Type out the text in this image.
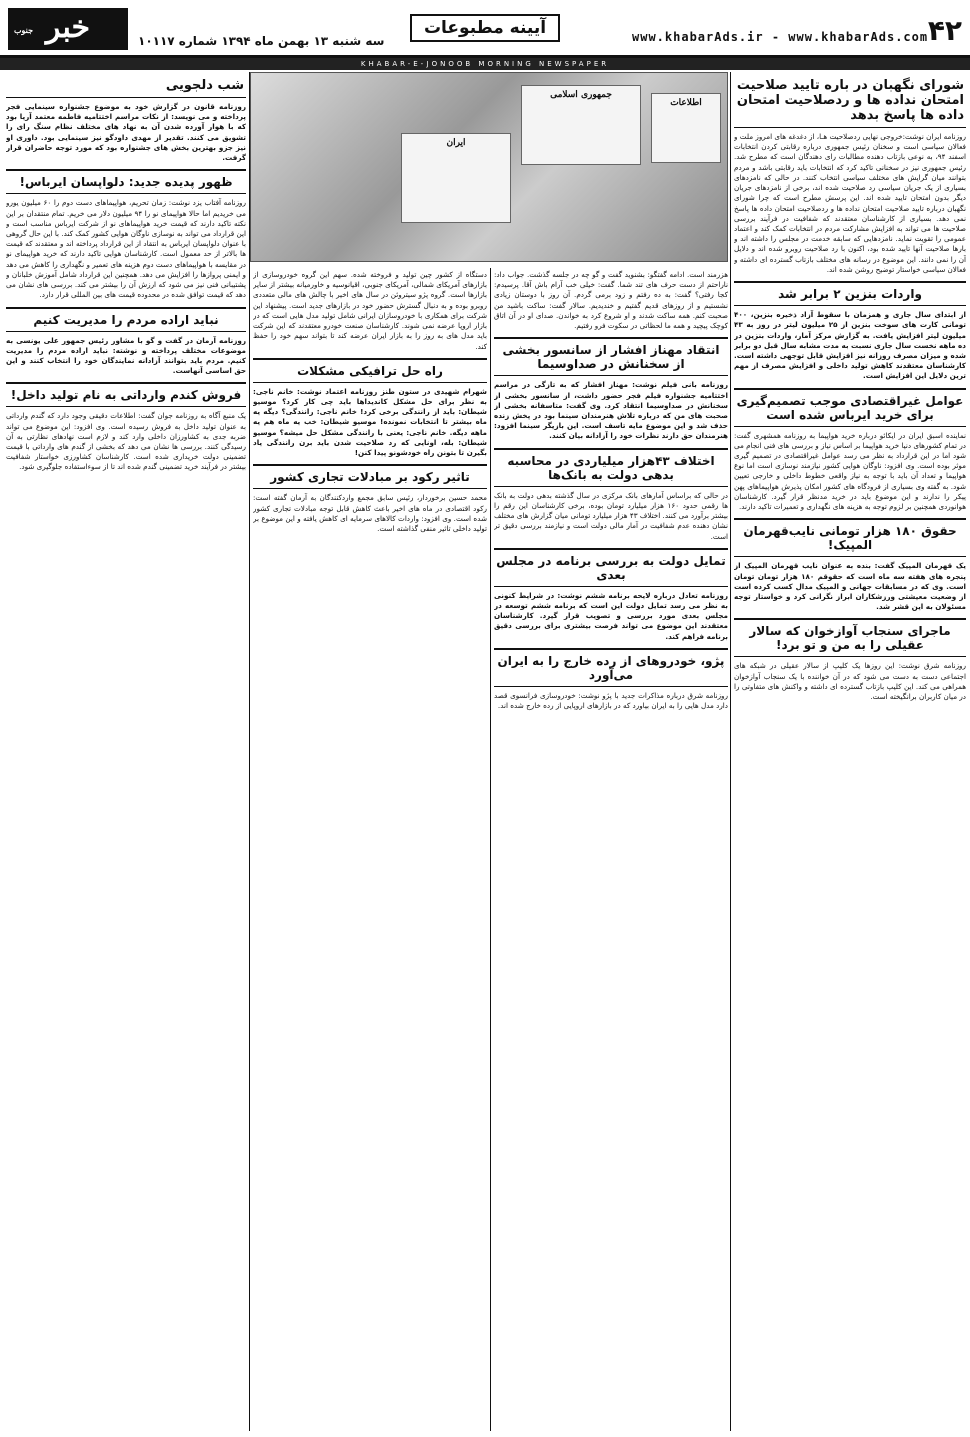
۴۲
www.khabarAds.ir - www.khabarAds.com
آیینه مطبوعات
سه شنبه ۱۳ بهمن ماه ۱۳۹۴ شماره ۱۰۱۱۷
جنوب خبر
KHABAR-E-JONOOB MORNING NEWSPAPER
جمهوری اسلامی
ایران
اطلاعات
شورای نگهبان در باره تایید صلاحیت امتحان نداده ها و ردصلاحیت امتحان داده ها پاسخ بدهد
روزنامه ایران نوشت:خروجی نهایی ردصلاحیت هـا، از دغدغه های امروز ملت و فعالان سیاسی است و سخنان رئیس جمهوری درباره رقابتی کردن انتخابات اسفند ۹۴، به نوعی بازتاب دهنده مطالبات رای دهندگان است که مطرح شد. رئیس جمهوری نیز در سخنانی تاکید کرد که انتخابات باید رقابتی باشد و مردم بتوانند میان گرایش های مختلف سیاسی انتخاب کنند. در حالی که نامزدهای بسیاری از یک جریان سیاسی رد صلاحیت شده اند، برخی از نامزدهای جریان دیگر بدون امتحان تایید شده اند. این پرسش مطرح است که چرا شورای نگهبان درباره تایید صلاحیت امتحان نداده ها و ردصلاحیت امتحان داده ها پاسخ نمی دهد. بسیاری از کارشناسان معتقدند که شفافیت در فرآیند بررسی صلاحیت ها می تواند به افزایش مشارکت مردم در انتخابات کمک کند و اعتماد عمومی را تقویت نماید. نامزدهایی که سابقه خدمت در مجلس را داشته اند و بارها صلاحیت آنها تایید شده بود، اکنون با رد صلاحیت روبرو شده اند و دلایل آن را نمی دانند. این موضوع در رسانه های مختلف بازتاب گسترده ای داشته و فعالان سیاسی خواستار توضیح روشن شده اند.
واردات بنزین ۲ برابر شد
از ابتدای سال جاری و همزمان با سقوط آزاد ذخیره بنزین، ۴۰۰ تومانی کارت های سوخت بنزین از ۲۵ میلیون لیتر در روز به ۴۳ میلیون لیتر افزایش یافت. به گزارش مرکز آمار، واردات بنزین در ده ماهه نخست سال جاری نسبت به مدت مشابه سال قبل دو برابر شده و میزان مصرف روزانه نیز افزایش قابل توجهی داشته است. کارشناسان معتقدند کاهش تولید داخلی و افزایش مصرف از مهم ترین دلایل این افزایش است.
عوامل غیراقتصادی موجب تصمیم‌گیری برای خرید ایرباس شده است
نماینده اسبق ایران در ایکائو درباره خرید هواپیما به روزنامه همشهری گفت: در تمام کشورهای دنیا خرید هواپیما بر اساس نیاز و بررسی های فنی انجام می شود اما در این قرارداد به نظر می رسد عوامل غیراقتصادی در تصمیم گیری موثر بوده است. وی افزود: ناوگان هوایی کشور نیازمند نوسازی است اما نوع هواپیما و تعداد آن باید با توجه به نیاز واقعی خطوط داخلی و خارجی تعیین شود. به گفته وی بسیاری از فرودگاه های کشور امکان پذیرش هواپیماهای پهن پیکر را ندارند و این موضوع باید در خرید مدنظر قرار گیرد. کارشناسان هوانوردی همچنین بر لزوم توجه به هزینه های نگهداری و تعمیرات تاکید دارند.
حقوق ۱۸۰ هزار تومانی نایب‌قهرمان المپیک!
یک قهرمان المپیک گفت: بنده به عنوان نایب قهرمان المپیک از پنجره های هفته سه ماه است که حقوقم ۱۸۰ هزار تومان تومان است. وی که در مسابقات جهانی و المپیک مدال کسب کرده است از وضعیت معیشتی ورزشکاران ابراز نگرانی کرد و خواستار توجه مسئولان به این قشر شد.
ماجرای سنجاب آوازخوان که سالار عقیلی را به من و تو برد!
روزنامه شرق نوشت: این روزها یک کلیپ از سالار عقیلی در شبکه های اجتماعی دست به دست می شود که در آن خواننده با یک سنجاب آوازخوان همراهی می کند. این کلیپ بازتاب گسترده ای داشته و واکنش های متفاوتی را در میان کاربران برانگیخته است.
هزرمند است. ادامه گفتگو: بشنوید گفت و گو چه در جلسه گذشت. جواب داد: ناراحتم از دست حرف های تند شما. گفت: خیلی خب آرام باش آقا. پرسیدم: کجا رفتی؟ گفت: به ده رفتم و زود برمی گردم. آن روز با دوستان زیادی نشستیم و از روزهای قدیم گفتیم و خندیدیم. سالار گفت: ساکت باشید من صحبت کنم. همه ساکت شدند و او شروع کرد به خواندن. صدای او در آن اتاق کوچک پیچید و همه ما لحظاتی در سکوت فرو رفتیم.
انتقاد مهناز افشار از سانسور بخشی از سخنانش در صداوسیما
روزنامه بانی فیلم نوشت: مهناز افشار که به تازگی در مراسم اختتامیه جشنواره فیلم فجر حضور داشت، از سانسور بخشی از سخنانش در صداوسیما انتقاد کرد. وی گفت: متاسفانه بخشی از صحبت های من که درباره تلاش هنرمندان سینما بود در پخش زنده حذف شد و این موضوع مایه تاسف است. این بازیگر سینما افزود: هنرمندان حق دارند نظرات خود را آزادانه بیان کنند.
اختلاف ۴۳هزار میلیاردی در محاسبه بدهی دولت به بانک‌ها
در حالی که براساس آمارهای بانک مرکزی در سال گذشته بدهی دولت به بانک ها رقمی حدود ۱۶۰ هزار میلیارد تومان بوده، برخی کارشناسان این رقم را بیشتر برآورد می کنند. اختلاف ۴۳ هزار میلیارد تومانی میان گزارش های مختلف نشان دهنده عدم شفافیت در آمار مالی دولت است و نیازمند بررسی دقیق تر است.
تمایل دولت به بررسی برنامه در مجلس بعدی
روزنامه تعادل درباره لایحه برنامه ششم نوشت: در شرایط کنونی به نظر می رسد تمایل دولت این است که برنامه ششم توسعه در مجلس بعدی مورد بررسی و تصویب قرار گیرد. کارشناسان معتقدند این موضوع می تواند فرصت بیشتری برای بررسی دقیق برنامه فراهم کند.
پژو، خودروهای از رده خارج را به ایران می‌آورد
روزنامه شرق درباره مذاکرات جدید با پژو نوشت: خودروسازی فرانسوی قصد دارد مدل هایی را به ایران بیاورد که در بازارهای اروپایی از رده خارج شده اند.
دستگاه از کشور چین تولید و فروخته شده. سهم این گروه خودروسازی از بازارهای آمریکای شمالی، آمریکای جنوبی، اقیانوسیه و خاورمیانه بیشتر از سایر بازارها است. گروه پژو سیتروئن در سال های اخیر با چالش های مالی متعددی روبرو بوده و به دنبال گسترش حضور خود در بازارهای جدید است. پیشنهاد این شرکت برای همکاری با خودروسازان ایرانی شامل تولید مدل هایی است که در بازار اروپا عرضه نمی شوند. کارشناسان صنعت خودرو معتقدند که این شرکت باید مدل های به روز را به بازار ایران عرضه کند تا بتواند سهم خود را حفظ کند.
راه حل ترافیکی مشکلات
شهرام شهیدی در ستون طنز روزنامه اعتماد نوشت: خانم ناجی: به نظر برای حل مشکل کاندیداها باید چی کار کرد؟ موسیو شیطان: باید از رانندگی برخی کرد! خانم ناجی: رانندگی؟ دیگه یه ماه بیشتر تا انتخابات نمونده! موسیو شیطان: خب یه ماه هم یه ماهه دیگه. خانم ناجی: یعنی با رانندگی مشکل حل میشه؟ موسیو شیطان: بله، اونایی که رد صلاحیت شدن باید برن رانندگی یاد بگیرن تا بتونن راه خودشونو پیدا کنن!
تاثیر رکود بر مبادلات تجاری کشور
محمد حسین برخوردار، رئیس سابق مجمع واردکنندگان به آرمان گفته است: رکود اقتصادی در ماه های اخیر باعث کاهش قابل توجه مبادلات تجاری کشور شده است. وی افزود: واردات کالاهای سرمایه ای کاهش یافته و این موضوع بر تولید داخلی تاثیر منفی گذاشته است.
شب دلجویی
روزنامه قانون در گزارش خود به موضوع جشنواره سینمایی فجر پرداخته و می نویسد: از نکات مراسم اختتامیه فاطمه معتمد آریا بود که با هوار آورده شدن آن به نهاد های مختلف نظام سنگ رای را تشویق می کنند. تقدیر از مهدی داودگو نیز سینمایی بود. داوری او نیز جزو بهترین بخش های جشنواره بود که مورد توجه حاضران قرار گرفت.
ظهور پدیده جدید: دلواپسان ایرباس!
روزنامه آفتاب یزد نوشت: زمان تحریم، هواپیماهای دست دوم را ۶۰ میلیون یورو می خریدیم اما حالا هواپیمای نو را ۹۴ میلیون دلار می خریم. تمام منتقدان بر این نکته تاکید دارند که قیمت خرید هواپیماهای نو از شرکت ایرباس مناسب است و این قرارداد می تواند به نوسازی ناوگان هوایی کشور کمک کند. با این حال گروهی با عنوان دلواپسان ایرباس به انتقاد از این قرارداد پرداخته اند و معتقدند که قیمت ها بالاتر از حد معمول است. کارشناسان هوایی تاکید دارند که خرید هواپیمای نو در مقایسه با هواپیماهای دست دوم هزینه های تعمیر و نگهداری را کاهش می دهد و ایمنی پروازها را افزایش می دهد. همچنین این قرارداد شامل آموزش خلبانان و پشتیبانی فنی نیز می شود که ارزش آن را بیشتر می کند. بررسی های نشان می دهد که قیمت توافق شده در محدوده قیمت های بین المللی قرار دارد.
نباید اراده مردم را مدیریت کنیم
روزنامه آرمان در گفت و گو با مشاور رئیس جمهور علی یونسی به موضوعات مختلف پرداخته و نوشته: نباید اراده مردم را مدیریت کنیم. مردم باید بتوانند آزادانه نمایندگان خود را انتخاب کنند و این حق اساسی آنهاست.
فروش کندم وارداتی به نام تولید داخل!
یک منبع آگاه به روزنامه جوان گفت: اطلاعات دقیقی وجود دارد که گندم وارداتی به عنوان تولید داخل به فروش رسیده است. وی افزود: این موضوع می تواند ضربه جدی به کشاورزان داخلی وارد کند و لازم است نهادهای نظارتی به آن رسیدگی کنند. بررسی ها نشان می دهد که بخشی از گندم های وارداتی با قیمت تضمینی دولت خریداری شده است. کارشناسان کشاورزی خواستار شفافیت بیشتر در فرآیند خرید تضمینی گندم شده اند تا از سوءاستفاده جلوگیری شود.
